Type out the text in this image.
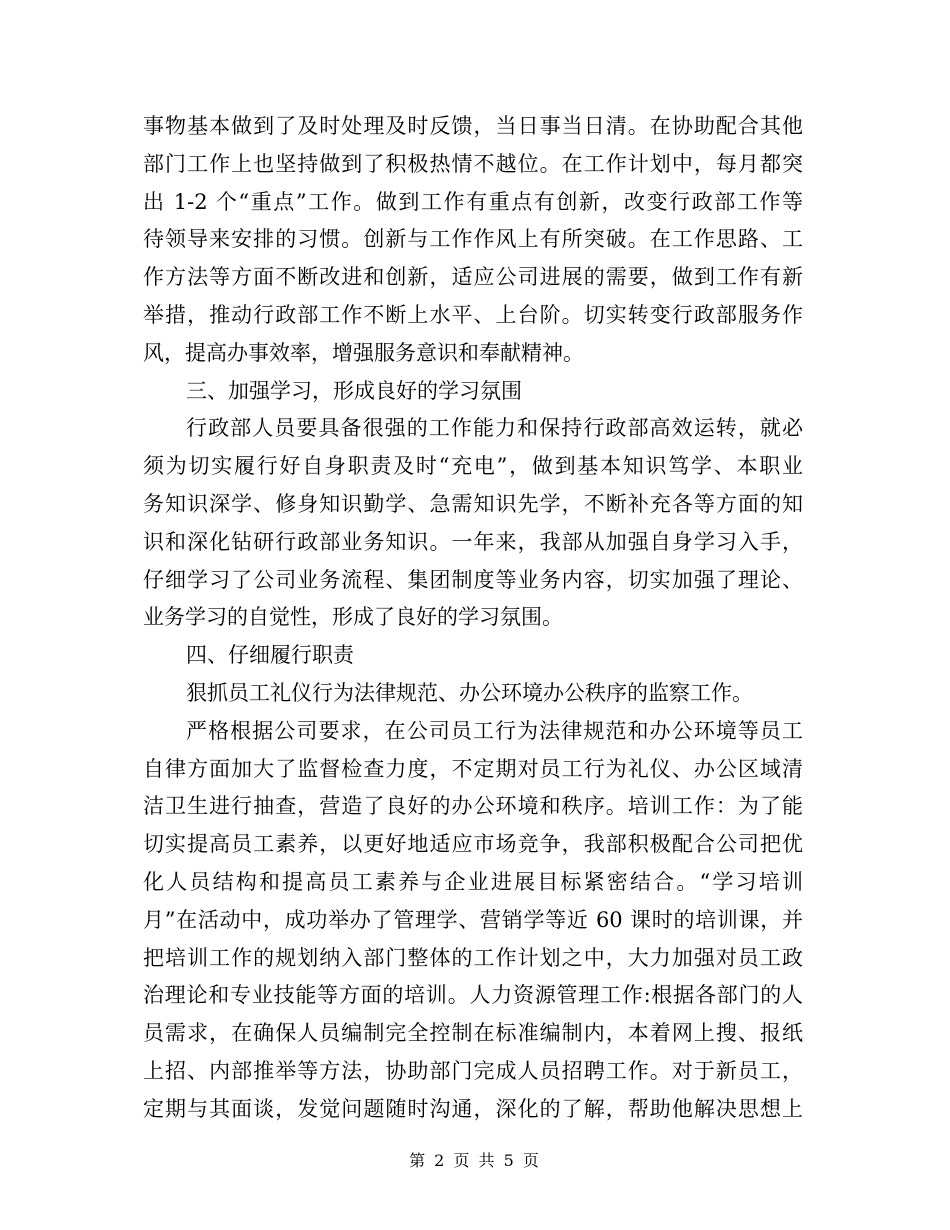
事物基本做到了及时处理及时反馈，当日事当日清。在协助配合其他
部门工作上也坚持做到了积极热情不越位。在工作计划中，每月都突
出 1-2 个“重点”工作。做到工作有重点有创新，改变行政部工作等
待领导来安排的习惯。创新与工作作风上有所突破。在工作思路、工
作方法等方面不断改进和创新，适应公司进展的需要，做到工作有新
举措，推动行政部工作不断上水平、上台阶。切实转变行政部服务作
风，提高办事效率，增强服务意识和奉献精神。
三、加强学习，形成良好的学习氛围
行政部人员要具备很强的工作能力和保持行政部高效运转，就必
须为切实履行好自身职责及时“充电”，做到基本知识笃学、本职业
务知识深学、修身知识勤学、急需知识先学，不断补充各等方面的知
识和深化钻研行政部业务知识。一年来，我部从加强自身学习入手，
仔细学习了公司业务流程、集团制度等业务内容，切实加强了理论、
业务学习的自觉性，形成了良好的学习氛围。
四、仔细履行职责
狠抓员工礼仪行为法律规范、办公环境办公秩序的监察工作。
严格根据公司要求，在公司员工行为法律规范和办公环境等员工
自律方面加大了监督检查力度，不定期对员工行为礼仪、办公区域清
洁卫生进行抽查，营造了良好的办公环境和秩序。培训工作：为了能
切实提高员工素养，以更好地适应市场竞争，我部积极配合公司把优
化人员结构和提高员工素养与企业进展目标紧密结合。“学习培训
月”在活动中，成功举办了管理学、营销学等近 60 课时的培训课，并
把培训工作的规划纳入部门整体的工作计划之中，大力加强对员工政
治理论和专业技能等方面的培训。人力资源管理工作:根据各部门的人
员需求，在确保人员编制完全控制在标准编制内，本着网上搜、报纸
上招、内部推举等方法，协助部门完成人员招聘工作。对于新员工，
定期与其面谈，发觉问题随时沟通，深化的了解，帮助他解决思想上
第 2 页 共 5 页
